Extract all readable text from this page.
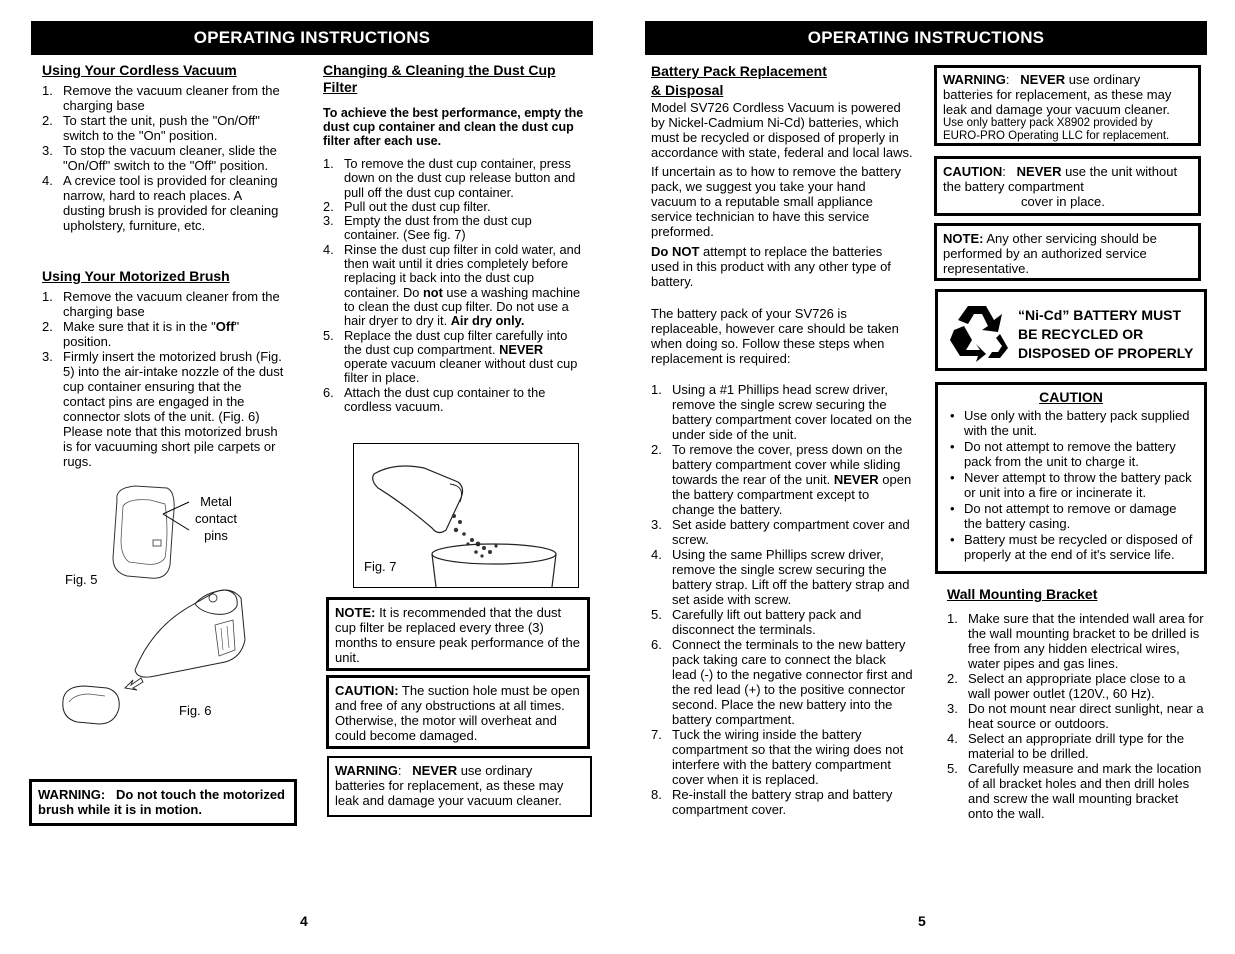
OPERATING INSTRUCTIONS
Using Your Cordless Vacuum
1. Remove the vacuum cleaner from the charging base
2. To start the unit, push the "On/Off" switch to the "On" position.
3. To stop the vacuum cleaner, slide the "On/Off" switch to the "Off" position.
4. A crevice tool is provided for cleaning narrow, hard to reach places. A dusting brush is provided for cleaning upholstery, furniture, etc.
Using Your Motorized Brush
1. Remove the vacuum cleaner from the charging base
2. Make sure that it is in the "Off" position.
3. Firmly insert the motorized brush (Fig. 5) into the air-intake nozzle of the dust cup container ensuring that the contact pins are engaged in the connector slots of the unit. (Fig. 6)
Please note that this motorized brush is for vacuuming short pile carpets or rugs.
Metal
contact
pins
Fig. 5
Fig. 6
WARNING:   Do not touch the motorized brush while it is in motion.
Changing & Cleaning the Dust Cup Filter

To achieve the best performance, empty the dust cup container and clean the dust cup filter after each use.

1. To remove the dust cup container, press down on the dust cup release button and pull off the dust cup container.
2. Pull out the dust cup filter.
3. Empty the dust from the dust cup container. (See fig. 7)
4. Rinse the dust cup filter in cold water, and then wait until it dries completely before replacing it back into the dust cup container. Do not use a washing machine to clean the dust cup filter. Do not use a hair dryer to dry it. Air dry only.
5. Replace the dust cup filter carefully into the dust cup compartment. NEVER operate vacuum cleaner without dust cup filter in place.
6. Attach the dust cup container to the cordless vacuum.
Fig. 7
NOTE: It is recommended that the dust cup filter be replaced every three (3) months to ensure peak performance of the unit.
CAUTION: The suction hole must be open and free of any obstructions at all times. Otherwise, the motor will overheat and could become damaged.
WARNING:   NEVER use ordinary batteries for replacement, as these may leak and damage your vacuum cleaner.
4
OPERATING INSTRUCTIONS
Battery Pack Replacement
& Disposal

Model SV726 Cordless Vacuum is powered by Nickel-Cadmium Ni-Cd) batteries, which must be recycled or disposed of properly in accordance with state, federal and local laws.

If uncertain as to how to remove the battery pack, we suggest you take your hand vacuum to a reputable small appliance service technician to have this service preformed.

Do NOT attempt to replace the batteries used in this product with any other type of battery.

The battery pack of your SV726 is replaceable, however care should be taken when doing so. Follow these steps when replacement is required:

1. Using a #1 Phillips head screw driver, remove the single screw securing the battery compartment cover located on the under side of the unit.
2. To remove the cover, press down on the battery compartment cover while sliding towards the rear of the unit. NEVER open the battery compartment except to change the battery.
3. Set aside battery compartment cover and screw.
4. Using the same Phillips screw driver, remove the single screw securing the battery strap. Lift off the battery strap and set aside with screw.
5. Carefully lift out battery pack and disconnect the terminals.
6. Connect the terminals to the new battery pack taking care to connect the black lead (-) to the negative connector first and the red lead (+) to the positive connector second. Place the new battery into the battery compartment.
7. Tuck the wiring inside the battery compartment so that the wiring does not interfere with the battery compartment cover when it is replaced.
8. Re-install the battery strap and battery compartment cover.
WARNING:   NEVER use ordinary batteries for replacement, as these may leak and damage your vacuum cleaner.
Use only battery pack X8902 provided by EURO-PRO Operating LLC for replacement.
CAUTION:   NEVER use the unit without the battery compartment
cover in place.
NOTE: Any other servicing should be performed by an authorized service representative.
“Ni-Cd” BATTERY MUST
BE RECYCLED OR
DISPOSED OF PROPERLY
CAUTION
• Use only with the battery pack supplied with the unit.
• Do not attempt to remove the battery pack from the unit to charge it.
• Never attempt to throw the battery pack or unit into a fire or incinerate it.
• Do not attempt to remove or damage the battery casing.
• Battery must be recycled or disposed of properly at the end of it's service life.
Wall Mounting Bracket
1. Make sure that the intended wall area for the wall mounting bracket to be drilled is free from any hidden electrical wires, water pipes and gas lines.
2. Select an appropriate place close to a wall power outlet (120V., 60 Hz).
3. Do not mount near direct sunlight, near a heat source or outdoors.
4. Select an appropriate drill type for the material to be drilled.
5. Carefully measure and mark the location of all bracket holes and then drill holes and screw the wall mounting bracket onto the wall.
5
